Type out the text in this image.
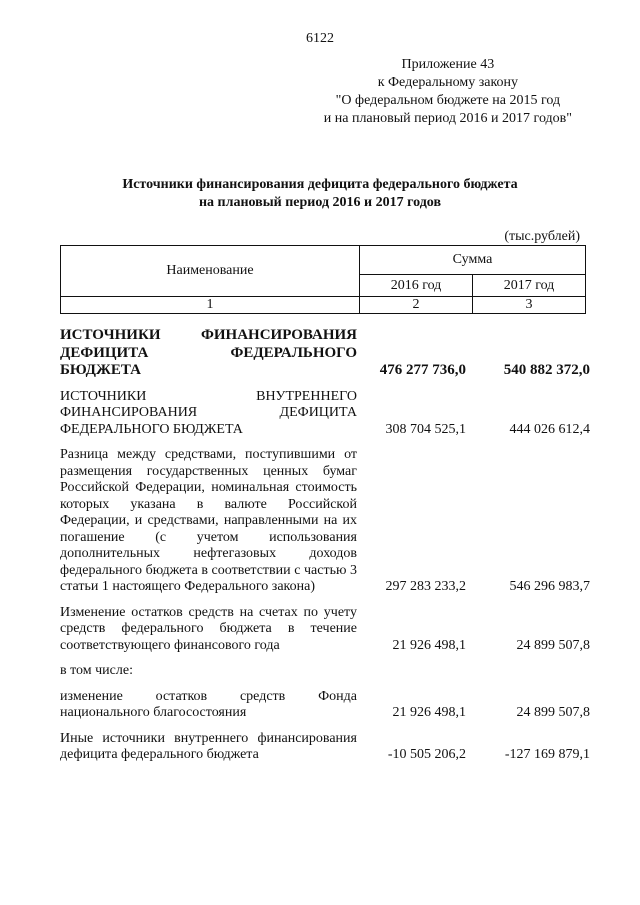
6122
Приложение 43
к Федеральному закону
"О федеральном бюджете на 2015 год
и на плановый период 2016 и 2017 годов"
Источники финансирования дефицита федерального бюджета
на плановый период 2016 и 2017 годов
(тыс.рублей)
Наименование	Сумма	
	2016 год	2017 год
1	2	3
ИСТОЧНИКИ ФИНАНСИРОВАНИЯ ДЕФИЦИТА ФЕДЕРАЛЬНОГО БЮДЖЕТА	476 277 736,0	540 882 372,0
ИСТОЧНИКИ ВНУТРЕННЕГО ФИНАНСИРОВАНИЯ ДЕФИЦИТА ФЕДЕРАЛЬНОГО БЮДЖЕТА	308 704 525,1	444 026 612,4
Разница между средствами, поступившими от размещения государственных ценных бумаг Российской Федерации, номинальная стоимость которых указана в валюте Российской Федерации, и средствами, направленными на их погашение (с учетом использования дополнительных нефтегазовых доходов федерального бюджета в соответствии с частью 3 статьи 1 настоящего Федерального закона)	297 283 233,2	546 296 983,7
Изменение остатков средств на счетах по учету средств федерального бюджета в течение соответствующего финансового года	21 926 498,1	24 899 507,8
в том числе:
изменение остатков средств Фонда национального благосостояния	21 926 498,1	24 899 507,8
Иные источники внутреннего финансирования дефицита федерального бюджета	-10 505 206,2	-127 169 879,1
